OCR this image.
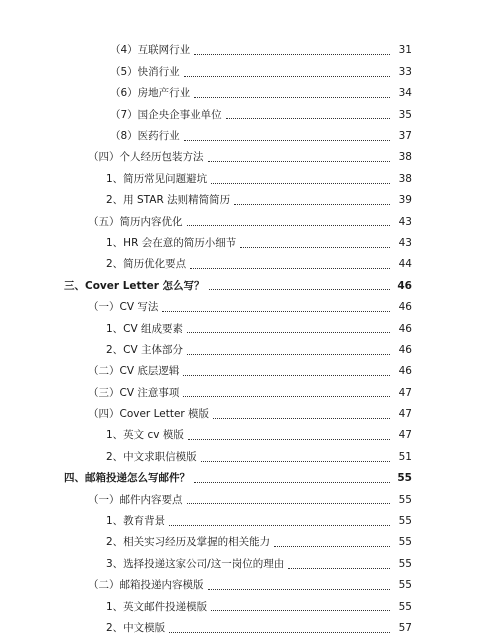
（4）互联网行业	31
（5）快消行业	33
（6）房地产行业	34
（7）国企央企事业单位	35
（8）医药行业	37
（四）个人经历包装方法	38
1、简历常见问题避坑	38
2、用 STAR 法则精简简历	39
（五）简历内容优化	43
1、HR 会在意的简历小细节	43
2、简历优化要点	44
三、Cover Letter 怎么写？	46
（一）CV 写法	46
1、CV 组成要素	46
2、CV 主体部分	46
（二）CV 底层逻辑	46
（三）CV 注意事项	47
（四）Cover Letter 模版	47
1、英文 cv 模版	47
2、中文求职信模版	51
四、邮箱投递怎么写邮件？	55
（一）邮件内容要点	55
1、教育背景	55
2、相关实习经历及掌握的相关能力	55
3、选择投递这家公司/这一岗位的理由	55
（二）邮箱投递内容模版	55
1、英文邮件投递模版	55
2、中文模版	57
